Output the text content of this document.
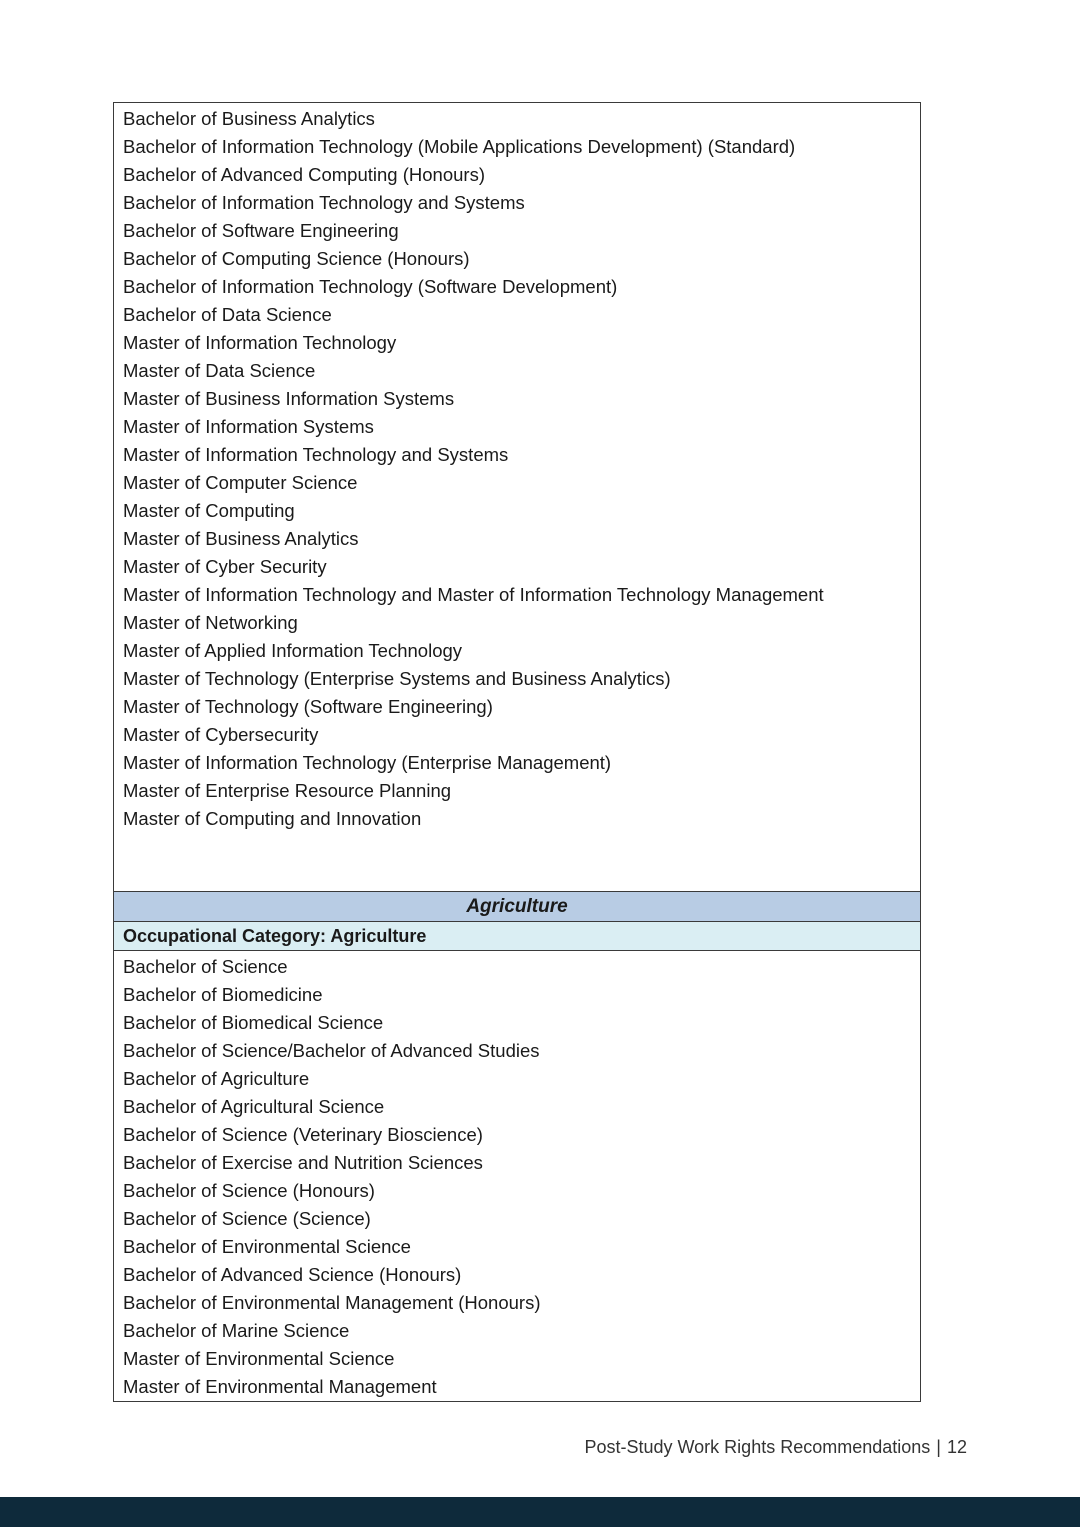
Bachelor of Business Analytics
Bachelor of Information Technology (Mobile Applications Development) (Standard)
Bachelor of Advanced Computing (Honours)
Bachelor of Information Technology and Systems
Bachelor of Software Engineering
Bachelor of Computing Science (Honours)
Bachelor of Information Technology (Software Development)
Bachelor of Data Science
Master of Information Technology
Master of Data Science
Master of Business Information Systems
Master of Information Systems
Master of Information Technology and Systems
Master of Computer Science
Master of Computing
Master of Business Analytics
Master of Cyber Security
Master of Information Technology and Master of Information Technology Management
Master of Networking
Master of Applied Information Technology
Master of Technology (Enterprise Systems and Business Analytics)
Master of Technology (Software Engineering)
Master of Cybersecurity
Master of Information Technology (Enterprise Management)
Master of Enterprise Resource Planning
Master of Computing and Innovation
Agriculture
Occupational Category: Agriculture
Bachelor of Science
Bachelor of Biomedicine
Bachelor of Biomedical Science
Bachelor of Science/Bachelor of Advanced Studies
Bachelor of Agriculture
Bachelor of Agricultural Science
Bachelor of Science (Veterinary Bioscience)
Bachelor of Exercise and Nutrition Sciences
Bachelor of Science (Honours)
Bachelor of Science (Science)
Bachelor of Environmental Science
Bachelor of Advanced Science (Honours)
Bachelor of Environmental Management (Honours)
Bachelor of Marine Science
Master of Environmental Science
Master of Environmental Management
Post-Study Work Rights Recommendations | 12
